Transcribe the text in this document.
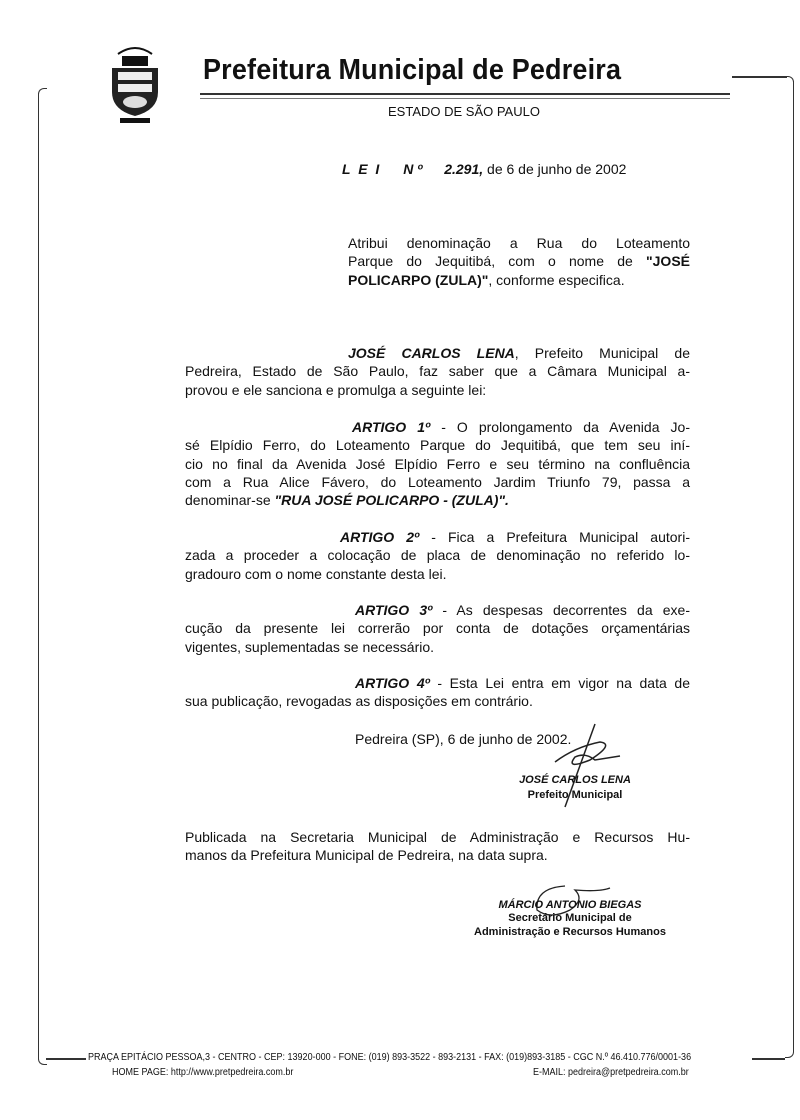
Prefeitura Municipal de Pedreira
ESTADO DE SÃO PAULO
L E I N º 2.291, de 6 de junho de 2002
Atribui denominação a Rua do Loteamento
Parque do Jequitibá, com o nome de "JOSÉ
POLICARPO (ZULA)", conforme especifica.
JOSÉ CARLOS LENA, Prefeito Municipal de
Pedreira, Estado de São Paulo, faz saber que a Câmara Municipal a-
provou e ele sanciona e promulga a seguinte lei:
ARTIGO 1º - O prolongamento da Avenida Jo-
sé Elpídio Ferro, do Loteamento Parque do Jequitibá, que tem seu iní-
cio no final da Avenida José Elpídio Ferro e seu término na confluência
com a Rua Alice Fávero, do Loteamento Jardim Triunfo 79, passa a
denominar-se "RUA JOSÉ POLICARPO - (ZULA)".
ARTIGO 2º - Fica a Prefeitura Municipal autori-
zada a proceder a colocação de placa de denominação no referido lo-
gradouro com o nome constante desta lei.
ARTIGO 3º - As despesas decorrentes da exe-
cução da presente lei correrão por conta de dotações orçamentárias
vigentes, suplementadas se necessário.
ARTIGO 4º - Esta Lei entra em vigor na data de
sua publicação, revogadas as disposições em contrário.
Publicada na Secretaria Municipal de Administração e Recursos Hu-
manos da Prefeitura Municipal de Pedreira, na data supra.
Pedreira (SP), 6 de junho de 2002.
JOSÉ CARLOS LENA
Prefeito Municipal
MÁRCIO ANTONIO BIEGAS
Secretário Municipal de
Administração e Recursos Humanos
PRAÇA EPITÁCIO PESSOA,3 - CENTRO - CEP: 13920-000 - FONE: (019) 893-3522 - 893-2131 - FAX: (019)893-3185 - CGC N.º 46.410.776/0001-36
HOME PAGE: http://www.pretpedreira.com.br	E-MAIL: pedreira@pretpedreira.com.br
